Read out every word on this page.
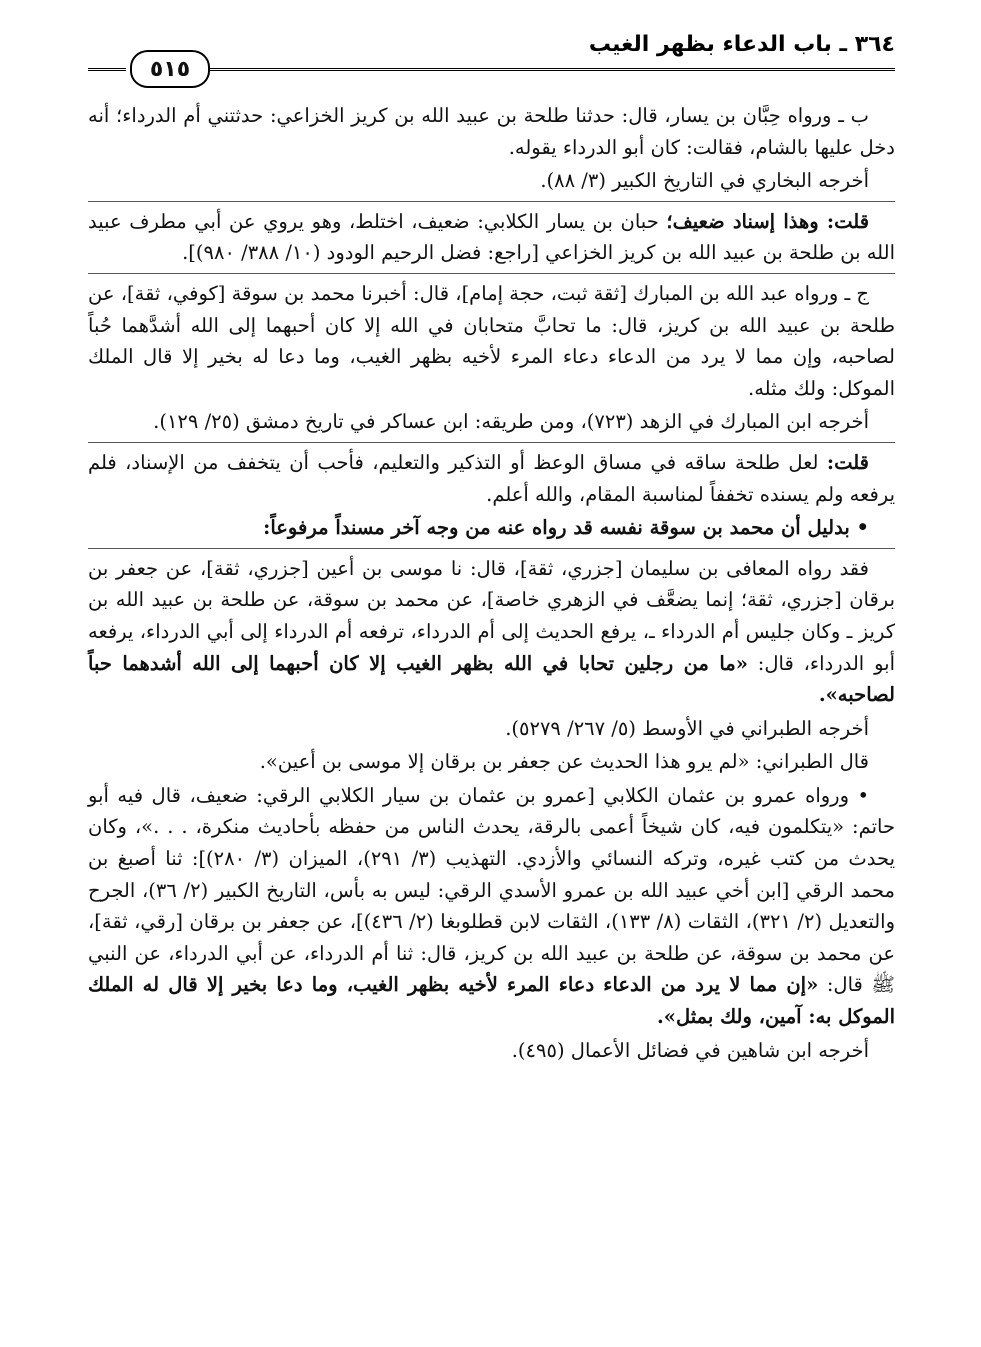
٣٦٤ ـ باب الدعاء بظهر الغيب
٥١٥

ب ـ ورواه حِبَّان بن يسار، قال: حدثنا طلحة بن عبيد الله بن كريز الخزاعي: حدثتني أم الدرداء؛ أنه دخل عليها بالشام، فقالت: كان أبو الدرداء يقوله.

أخرجه البخاري في التاريخ الكبير (٣/ ٨٨).

قلت: وهذا إسناد ضعيف؛ حبان بن يسار الكلابي: ضعيف، اختلط، وهو يروي عن أبي مطرف عبيد الله بن طلحة بن عبيد الله بن كريز الخزاعي [راجع: فضل الرحيم الودود (١٠/ ٣٨٨/ ٩٨٠)].

ج ـ ورواه عبد الله بن المبارك [ثقة ثبت، حجة إمام]، قال: أخبرنا محمد بن سوقة [كوفي، ثقة]، عن طلحة بن عبيد الله بن كريز، قال: ما تحابَّ متحابان في الله إلا كان أحبهما إلى الله أشدَّهما حُباً لصاحبه، وإن مما لا يرد من الدعاء دعاء المرء لأخيه بظهر الغيب، وما دعا له بخير إلا قال الملك الموكل: ولك مثله.

أخرجه ابن المبارك في الزهد (٧٢٣)، ومن طريقه: ابن عساكر في تاريخ دمشق (٢٥/ ١٢٩).

قلت: لعل طلحة ساقه في مساق الوعظ أو التذكير والتعليم، فأحب أن يتخفف من الإسناد، فلم يرفعه ولم يسنده تخففاً لمناسبة المقام، والله أعلم.

• بدليل أن محمد بن سوقة نفسه قد رواه عنه من وجه آخر مسنداً مرفوعاً:

فقد رواه المعافى بن سليمان [جزري، ثقة]، قال: نا موسى بن أعين [جزري، ثقة]، عن جعفر بن برقان [جزري، ثقة؛ إنما يضعَّف في الزهري خاصة]، عن محمد بن سوقة، عن طلحة بن عبيد الله بن كريز ـ وكان جليس أم الدرداء ـ، يرفع الحديث إلى أم الدرداء، ترفعه أم الدرداء إلى أبي الدرداء، يرفعه أبو الدرداء، قال: «ما من رجلين تحابا في الله بظهر الغيب إلا كان أحبهما إلى الله أشدهما حباً لصاحبه».

أخرجه الطبراني في الأوسط (٥/ ٢٦٧/ ٥٢٧٩).

قال الطبراني: «لم يرو هذا الحديث عن جعفر بن برقان إلا موسى بن أعين».

• ورواه عمرو بن عثمان الكلابي [عمرو بن عثمان بن سيار الكلابي الرقي: ضعيف، قال فيه أبو حاتم: «يتكلمون فيه، كان شيخاً أعمى بالرقة، يحدث الناس من حفظه بأحاديث منكرة، . . .»، وكان يحدث من كتب غيره، وتركه النسائي والأزدي. التهذيب (٣/ ٢٩١)، الميزان (٣/ ٢٨٠)]: ثنا أصبغ بن محمد الرقي [ابن أخي عبيد الله بن عمرو الأسدي الرقي: ليس به بأس، التاريخ الكبير (٢/ ٣٦)، الجرح والتعديل (٢/ ٣٢١)، الثقات (٨/ ١٣٣)، الثقات لابن قطلوبغا (٢/ ٤٣٦)]، عن جعفر بن برقان [رقي، ثقة]، عن محمد بن سوقة، عن طلحة بن عبيد الله بن كريز، قال: ثنا أم الدرداء، عن أبي الدرداء، عن النبي ﷺ قال: «إن مما لا يرد من الدعاء دعاء المرء لأخيه بظهر الغيب، وما دعا بخير إلا قال له الملك الموكل به: آمين، ولك بمثل».

أخرجه ابن شاهين في فضائل الأعمال (٤٩٥).
